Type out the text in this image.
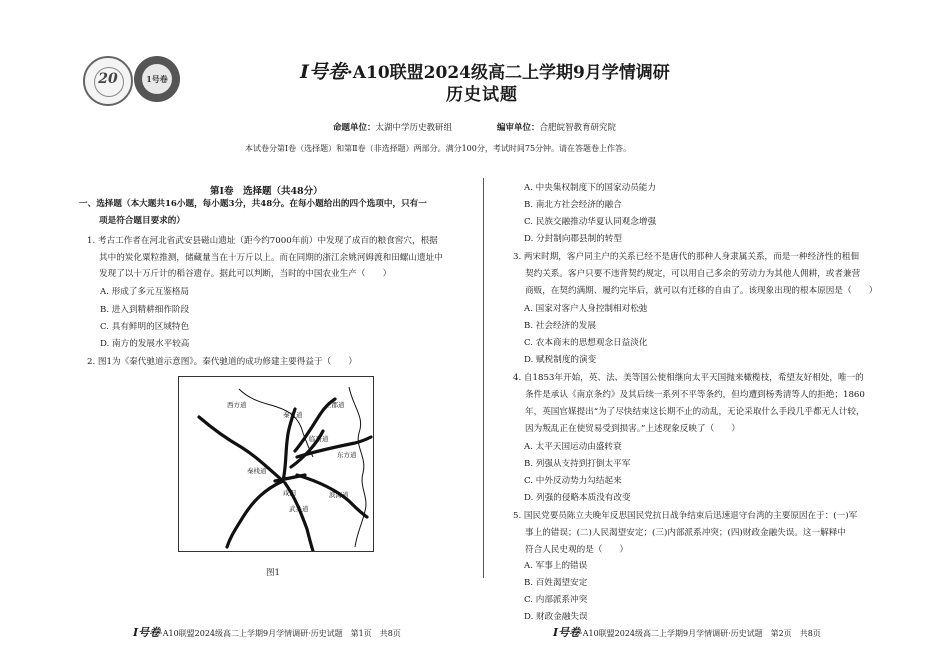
20	1号卷	I号卷·A10联盟2024级高二上学期9月学情调研
历史试题
命题单位：太湖中学历史教研组	编审单位：合肥皖智教育研究院
本试卷分第Ⅰ卷（选择题）和第Ⅱ卷（非选择题）两部分。满分100分，考试时间75分钟。请在答题卷上作答。
第Ⅰ卷　选择题（共48分）
一、选择题（本大题共16小题，每小题3分，共48分。在每小题给出的四个选项中，只有一
项是符合题目要求的）
1. 考古工作者在河北省武安县磁山遗址（距今约7000年前）中发现了成百的粮食窖穴，根据
其中的炭化粟粒推测，储藏量当在十万斤以上。而在同期的浙江余姚河姆渡和田螺山遗址中
发现了以十万斤计的稻谷遗存。据此可以判断，当时的中国农业生产（　　）
A. 形成了多元互鉴格局
B. 进入到精耕细作阶段
C. 具有鲜明的区域特色
D. 南方的发展水平较高
2. 图1为《秦代驰道示意图》。秦代驰道的成功修建主要得益于（　　）
西方道
秦直道
上郡道
临晋道
东方道
秦栈道
咸阳
武关道
滨海道
图1
A. 中央集权制度下的国家动员能力
B. 南北方社会经济的融合
C. 民族交融推动华夏认同观念增强
D. 分封制向郡县制的转型
3. 两宋时期，客户同主户的关系已经不是唐代的那种人身隶属关系，而是一种经济性的租佃
契约关系。客户只要不违背契约规定，可以用自己多余的劳动力为其他人佣耕，或者兼营
商贩，在契约满期、履约完毕后，就可以有迁移的自由了。该现象出现的根本原因是（　　）
A. 国家对客户人身控制相对松弛
B. 社会经济的发展
C. 农本商末的思想观念日益淡化
D. 赋税制度的演变
4. 自1853年开始，英、法、美等国公使相继向太平天国抛来橄榄枝，希望友好相处，唯一的
条件是承认《南京条约》及其后续一系列不平等条约，但均遭到杨秀清等人的拒绝；1860
年，英国官媒提出“为了尽快结束这长期不止的动乱，无论采取什么手段几乎都无人计较，
因为叛乱正在使贸易受到损害。”上述现象反映了（　　）
A. 太平天国运动由盛转衰
B. 列强从支持到打倒太平军
C. 中外反动势力勾结起来
D. 列强的侵略本质没有改变
5. 国民党要员陈立夫晚年反思国民党抗日战争结束后迅速退守台湾的主要原因在于：(一)军
事上的错误；(二)人民渴望安定；(三)内部派系冲突；(四)财政金融失误。这一解释中
符合人民史观的是（　　）
A. 军事上的错误
B. 百姓渴望安定
C. 内部派系冲突
D. 财政金融失误
I号卷·A10联盟2024级高二上学期9月学情调研·历史试题　第1页　共8页	I号卷·A10联盟2024级高二上学期9月学情调研·历史试题　第2页　共8页
